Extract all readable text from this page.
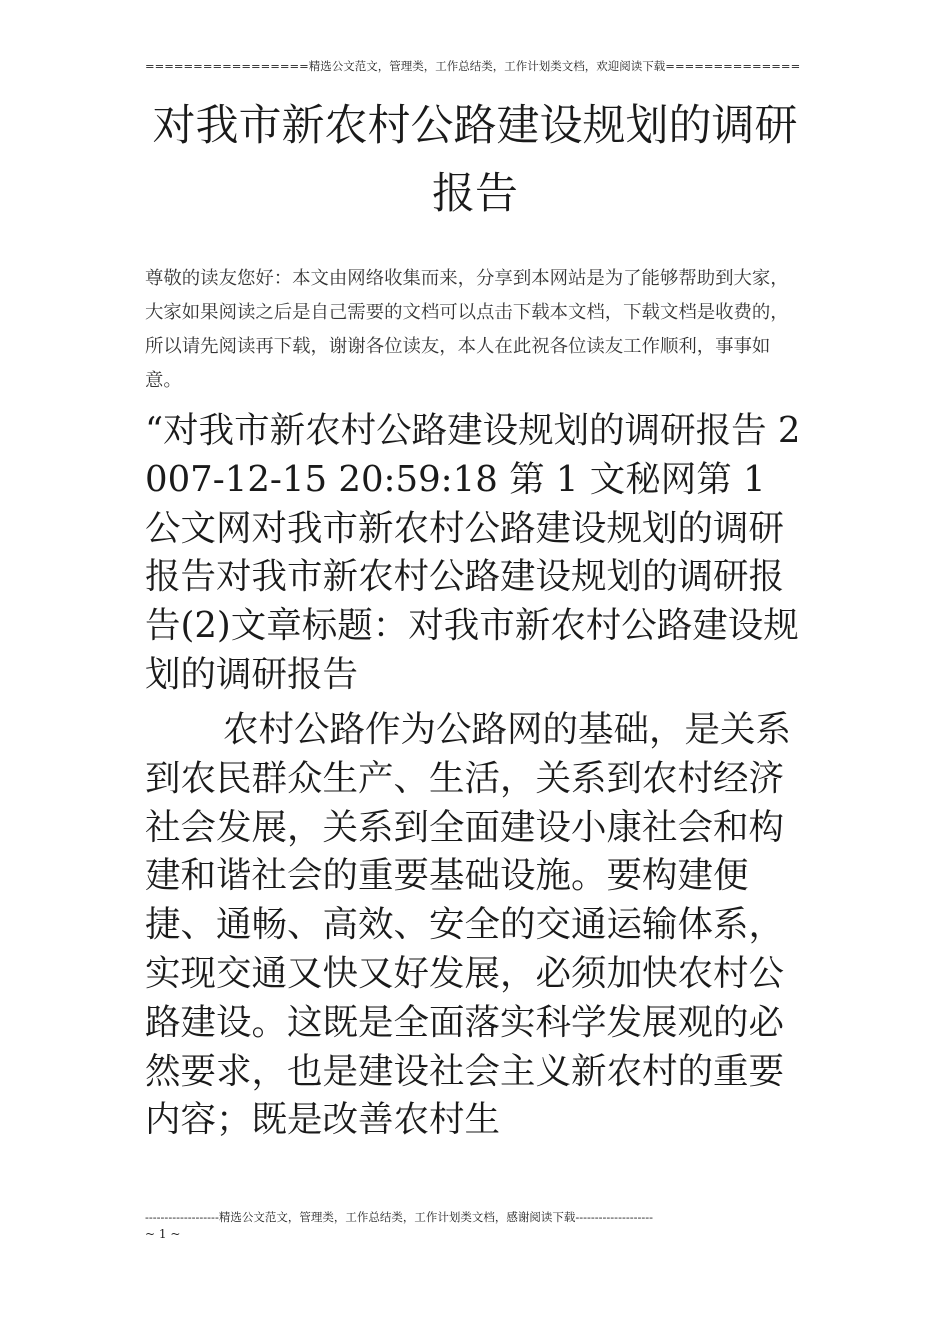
=================精选公文范文，管理类，工作总结类，工作计划类文档，欢迎阅读下载==============
对我市新农村公路建设规划的调研报告

尊敬的读友您好：本文由网络收集而来，分享到本网站是为了能够帮助到大家，大家如果阅读之后是自己需要的文档可以点击下载本文档，下载文档是收费的，所以请先阅读再下载，谢谢各位读友，本人在此祝各位读友工作顺利，事事如意。

“对我市新农村公路建设规划的调研报告 2007-12-15 20:59:18 第 1 文秘网第 1 公文网对我市新农村公路建设规划的调研报告对我市新农村公路建设规划的调研报告(2)文章标题：对我市新农村公路建设规划的调研报告

农村公路作为公路网的基础，是关系到农民群众生产、生活，关系到农村经济社会发展，关系到全面建设小康社会和构建和谐社会的重要基础设施。要构建便捷、通畅、高效、安全的交通运输体系，实现交通又快又好发展，必须加快农村公路建设。这既是全面落实科学发展观的必然要求，也是建设社会主义新农村的重要内容；既是改善农村生

-------------------精选公文范文，管理类，工作总结类，工作计划类文档，感谢阅读下载--------------------
~ 1 ~
